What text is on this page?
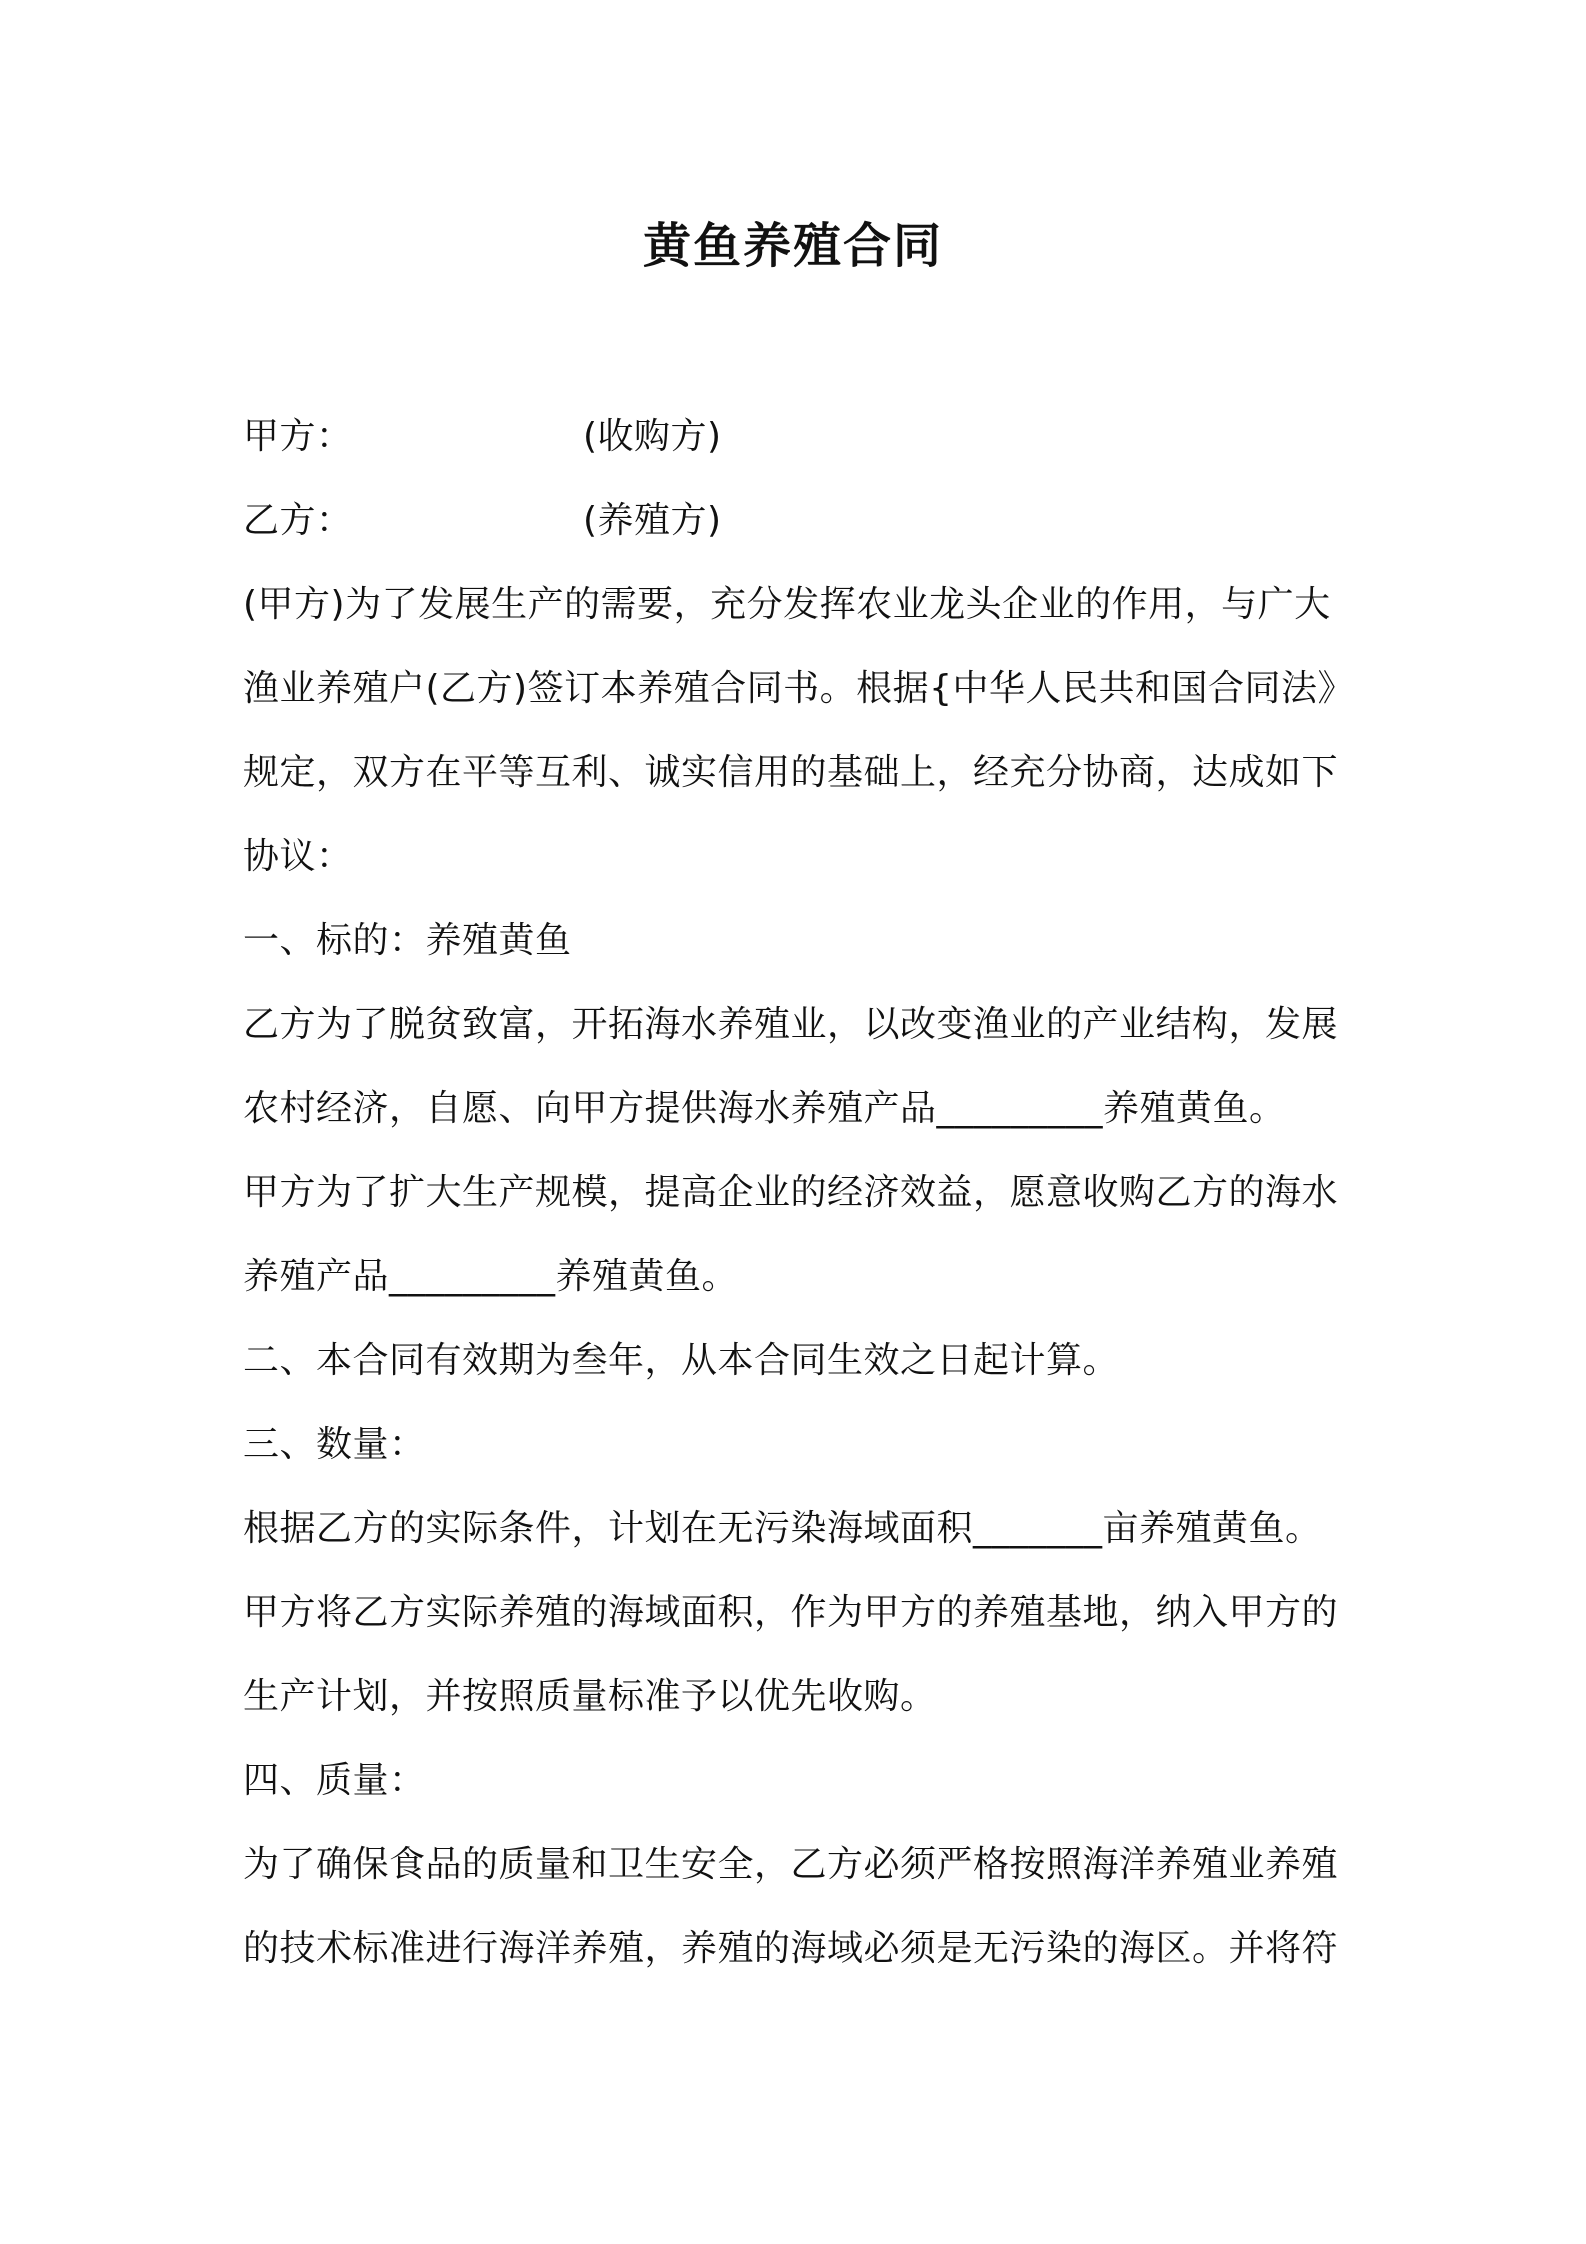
黄鱼养殖合同
甲方：	(收购方)
乙方：	(养殖方)
(甲方)为了发展生产的需要，充分发挥农业龙头企业的作用，与广大
渔业养殖户(乙方)签订本养殖合同书。根据{中华人民共和国合同法》
规定，双方在平等互利、诚实信用的基础上，经充分协商，达成如下
协议：
一、标的：养殖黄鱼
乙方为了脱贫致富，开拓海水养殖业，以改变渔业的产业结构，发展
农村经济，自愿、向甲方提供海水养殖产品_________养殖黄鱼。
甲方为了扩大生产规模，提高企业的经济效益，愿意收购乙方的海水
养殖产品_________养殖黄鱼。
二、本合同有效期为叁年，从本合同生效之日起计算。
三、数量：
根据乙方的实际条件，计划在无污染海域面积_______亩养殖黄鱼。
甲方将乙方实际养殖的海域面积，作为甲方的养殖基地，纳入甲方的
生产计划，并按照质量标准予以优先收购。
四、质量：
为了确保食品的质量和卫生安全，乙方必须严格按照海洋养殖业养殖
的技术标准进行海洋养殖，养殖的海域必须是无污染的海区。并将符
